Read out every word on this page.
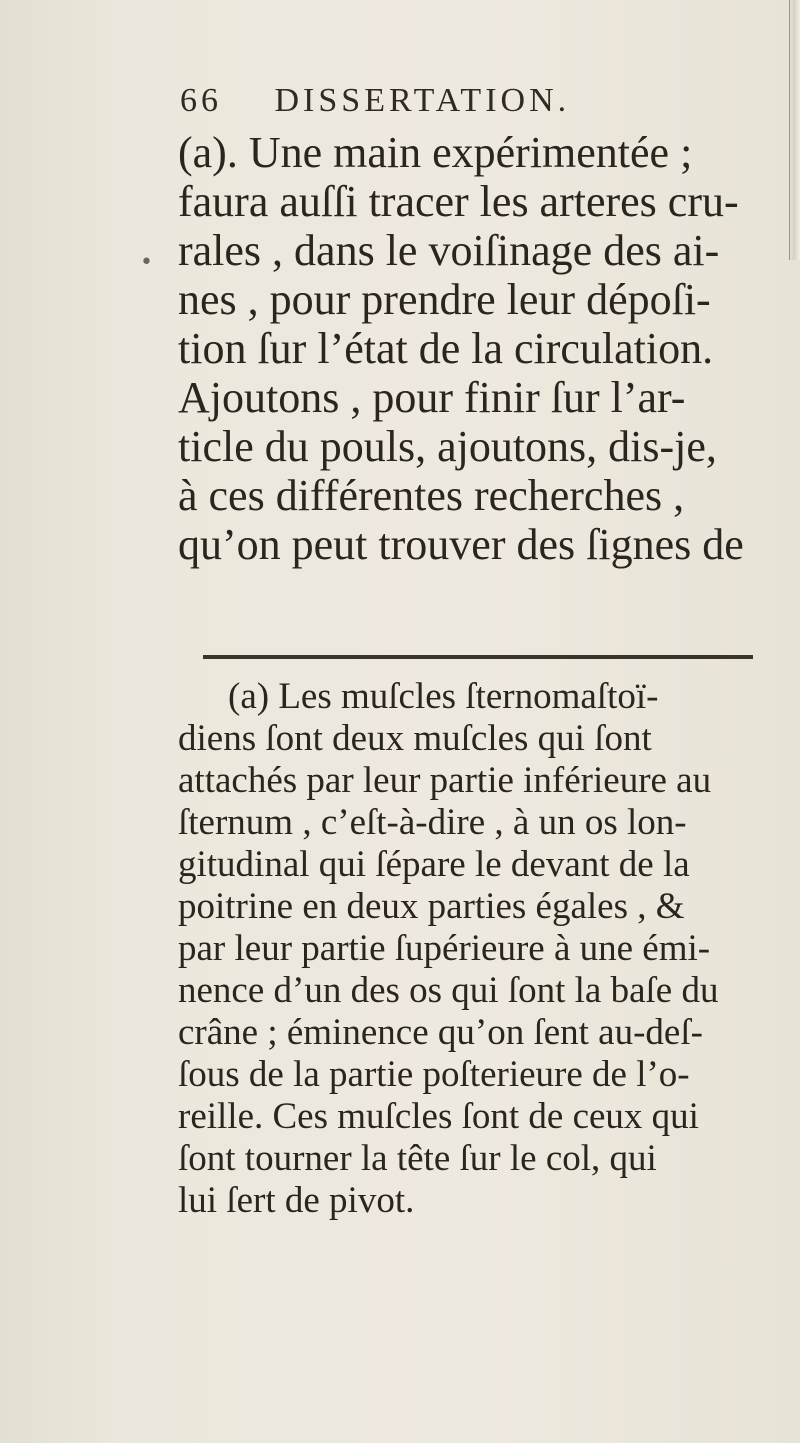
•
66 DISSERTATION.
(a). Une main expérimentée ;
faura auſſi tracer les arteres cru-
rales , dans le voiſinage des ai-
nes , pour prendre leur dépoſi-
tion ſur l’état de la circulation.
Ajoutons , pour finir ſur l’ar-
ticle du pouls, ajoutons, dis-je,
à ces différentes recherches ,
qu’on peut trouver des ſignes de
(a) Les muſcles ſternomaſtoï-
diens ſont deux muſcles qui ſont
attachés par leur partie inférieure au
ſternum , c’eſt-à-dire , à un os lon-
gitudinal qui ſépare le devant de la
poitrine en deux parties égales , &
par leur partie ſupérieure à une émi-
nence d’un des os qui ſont la baſe du
crâne ; éminence qu’on ſent au-deſ-
ſous de la partie poſterieure de l’o-
reille. Ces muſcles ſont de ceux qui
ſont tourner la tête ſur le col, qui
lui ſert de pivot.
